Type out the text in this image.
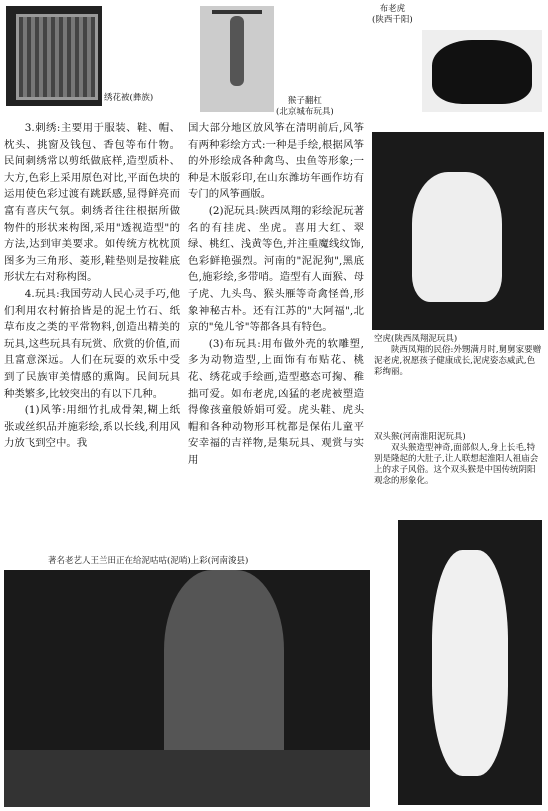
绣花被(彝族)	猴子翻杠
(北京城布玩具)
布老虎
(陕西千阳)

3.刺绣:主要用于服装、鞋、帽、枕头、挑窗及钱包、香包等布什物。民间刺绣常以剪纸做底样,造型质朴、大方,色彩上采用原色对比,平面色块的运用使色彩过渡有跳跃感,显得鲜亮而富有喜庆气氛。刺绣者往往根据所做物件的形状来构图,采用"透视造型"的方法,达到审美要求。如传统方枕枕顶图多为三角形、菱形,鞋垫则是按鞋底形状左右对称构图。

4.玩具:我国劳动人民心灵手巧,他们利用农村俯拾皆是的泥土竹石、纸草布皮之类的平常物料,创造出精美的玩具,这些玩具有玩赏、欣赏的价值,而且富意深远。人们在玩耍的欢乐中受到了民族审美情感的熏陶。民间玩具种类繁多,比较突出的有以下几种。

(1)风筝:用细竹扎成骨架,糊上纸张或丝织品并施彩绘,系以长线,利用风力放飞到空中。我

国大部分地区放风筝在清明前后,风筝有两种彩绘方式:一种是手绘,根据风筝的外形绘成各种禽鸟、虫鱼等形象;一种是木版彩印,在山东潍坊年画作坊有专门的风筝画版。

(2)泥玩具:陕西凤翔的彩绘泥玩著名的有挂虎、坐虎。喜用大红、翠绿、桃红、浅黄等色,并注重魔线纹饰,色彩鲜艳强烈。河南的"泥泥狗",黑底色,施彩绘,多带哨。造型有人面猴、母子虎、九头鸟、猴头雁等奇禽怪兽,形象神秘古朴。还有江苏的"大阿福",北京的"兔儿爷"等都各具有特色。

(3)布玩具:用布做外壳的软雕塑,多为动物造型,上面饰有布贴花、桃花、绣花或手绘画,造型憨态可掬、稚拙可爱。如布老虎,凶猛的老虎被塑造得像孩童般娇娟可爱。虎头鞋、虎头帽和各种动物形耳枕都是保佑儿童平安幸福的吉祥物,是集玩具、观赏与实用

空虎(陕西凤翔泥玩具)
陕西凤翔的民俗:外甥满月时,舅舅家要赠泥老虎,祝愿孩子健康成长,泥虎姿态威武,色彩绚丽。
双头猴(河南淮阳泥玩具)
双头猴造型神奇,面部似人,身上长毛,特别是隆起的大肚子,让人联想起淮阳人祖庙会上的求子风俗。这个双头猴是中国传统阴阳观念的形象化。
著名老艺人王兰田正在给泥咕咕(泥哨)上彩(河南浚县)
